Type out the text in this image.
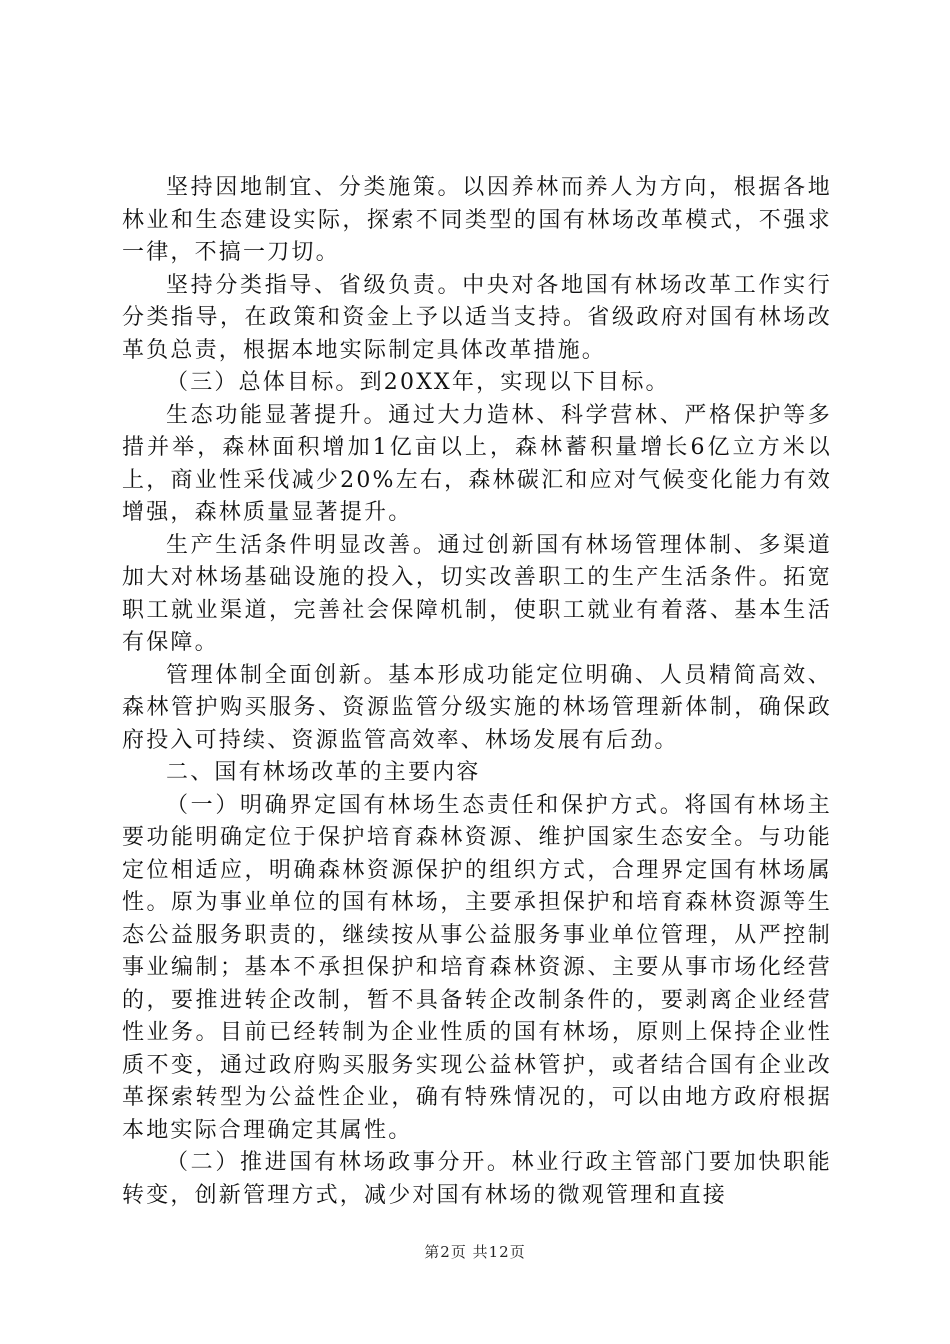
坚持因地制宜、分类施策。以因养林而养人为方向，根据各地林业和生态建设实际，探索不同类型的国有林场改革模式，不强求一律，不搞一刀切。

坚持分类指导、省级负责。中央对各地国有林场改革工作实行分类指导，在政策和资金上予以适当支持。省级政府对国有林场改革负总责，根据本地实际制定具体改革措施。

（三）总体目标。到20XX年，实现以下目标。

生态功能显著提升。通过大力造林、科学营林、严格保护等多措并举，森林面积增加1亿亩以上，森林蓄积量增长6亿立方米以上，商业性采伐减少20%左右，森林碳汇和应对气候变化能力有效增强，森林质量显著提升。

生产生活条件明显改善。通过创新国有林场管理体制、多渠道加大对林场基础设施的投入，切实改善职工的生产生活条件。拓宽职工就业渠道，完善社会保障机制，使职工就业有着落、基本生活有保障。

管理体制全面创新。基本形成功能定位明确、人员精简高效、森林管护购买服务、资源监管分级实施的林场管理新体制，确保政府投入可持续、资源监管高效率、林场发展有后劲。

二、国有林场改革的主要内容

（一）明确界定国有林场生态责任和保护方式。将国有林场主要功能明确定位于保护培育森林资源、维护国家生态安全。与功能定位相适应，明确森林资源保护的组织方式，合理界定国有林场属性。原为事业单位的国有林场，主要承担保护和培育森林资源等生态公益服务职责的，继续按从事公益服务事业单位管理，从严控制事业编制；基本不承担保护和培育森林资源、主要从事市场化经营的，要推进转企改制，暂不具备转企改制条件的，要剥离企业经营性业务。目前已经转制为企业性质的国有林场，原则上保持企业性质不变，通过政府购买服务实现公益林管护，或者结合国有企业改革探索转型为公益性企业，确有特殊情况的，可以由地方政府根据本地实际合理确定其属性。

（二）推进国有林场政事分开。林业行政主管部门要加快职能转变，创新管理方式，减少对国有林场的微观管理和直接

第2页 共12页
